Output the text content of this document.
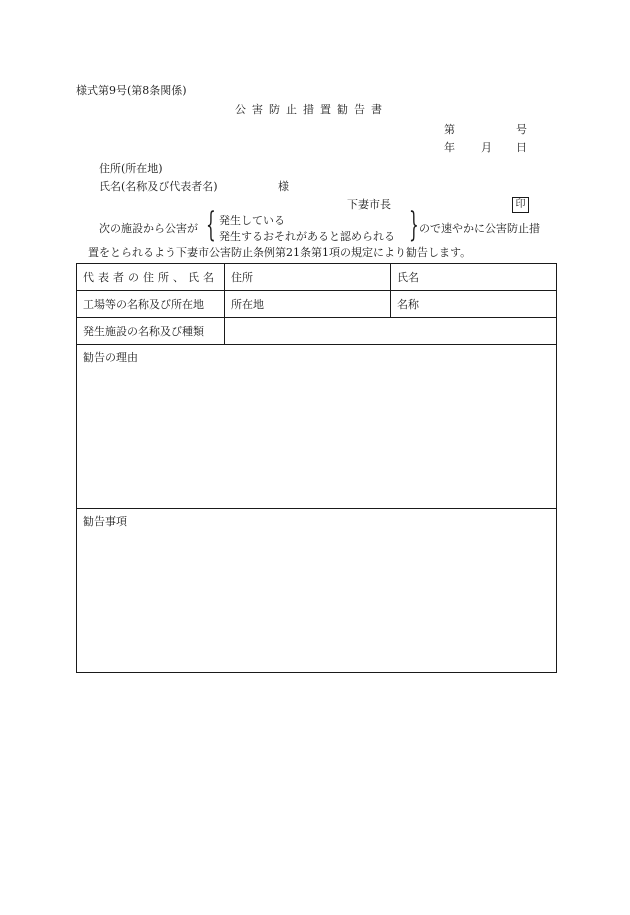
様式第9号(第8条関係)
公害防止措置勧告書
第	号
年 月 日
住所(所在地)
氏名(名称及び代表者名)	様
下妻市長	印
次の施設から公害が { 発生している
発生するおそれがあると認められる } ので速やかに公害防止措
置をとられるよう下妻市公害防止条例第21条第1項の規定により勧告します。
代表者の住所、氏名	住所	氏名
工場等の名称及び所在地	所在地	名称
発生施設の名称及び種類		
勧告の理由		
勧告事項		
